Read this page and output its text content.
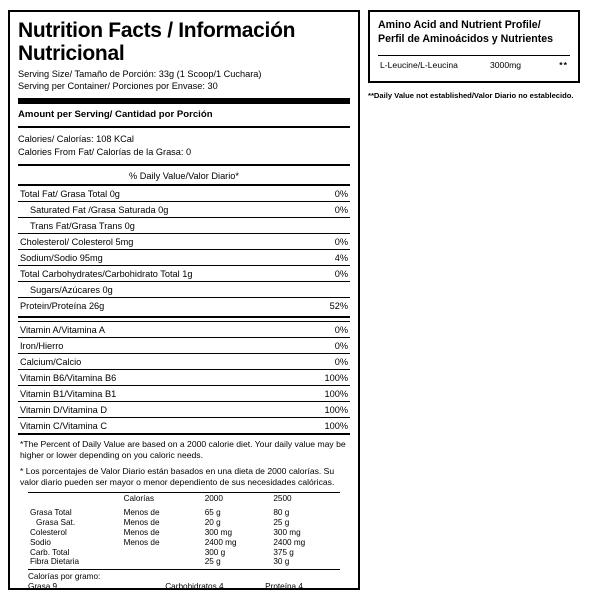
Nutrition Facts / Información Nutricional
Serving Size/ Tamaño de Porción: 33g (1 Scoop/1 Cuchara)
Serving per Container/ Porciones por Envase: 30
Amount per Serving/ Cantidad por Porción
Calories/ Calorías: 108 KCal
Calories From Fat/ Calorías de la Grasa: 0
% Daily Value/Valor Diario*
Total Fat/ Grasa Total 0g	0%
Saturated Fat /Grasa Saturada 0g	0%
Trans Fat/Grasa Trans 0g	
Cholesterol/ Colesterol 5mg	0%
Sodium/Sodio 95mg	4%
Total Carbohydrates/Carbohidrato Total 1g	0%
Sugars/Azúcares 0g	
Protein/Proteína 26g	52%
Vitamin A/Vitamina A	0%
Iron/Hierro	0%
Calcium/Calcio	0%
Vitamin B6/Vitamina B6	100%
Vitamin B1/Vitamina B1	100%
Vitamin D/Vitamina D	100%
Vitamin C/Vitamina C	100%
*The Percent of Daily Value are based on a 2000 calorie diet. Your daily value may be higher or lower depending on you caloric needs.
* Los porcentajes de Valor Diario están basados en una dieta de 2000 calorías. Su valor diario pueden ser mayor o menor dependiento de sus necesidades calóricas.
	Calorías	2000	2500

Grasa Total	Menos de	65 g	80 g
Grasa Sat.	Menos de	20 g	25 g
Colesterol	Menos de	300 mg	300 mg
Sodio	Menos de	2400 mg	2400 mg
Carb. Total		300 g	375 g
Fibra Dietaria		25 g	30 g
Calorías por gramo:
Grasa 9	Carbohidratos 4	Proteína 4
Amino Acid and Nutrient Profile/ Perfil de Aminoácidos y Nutrientes
L-Leucine/L-Leucina	3000mg	**
**Daily Value not established/Valor Diario no establecido.
